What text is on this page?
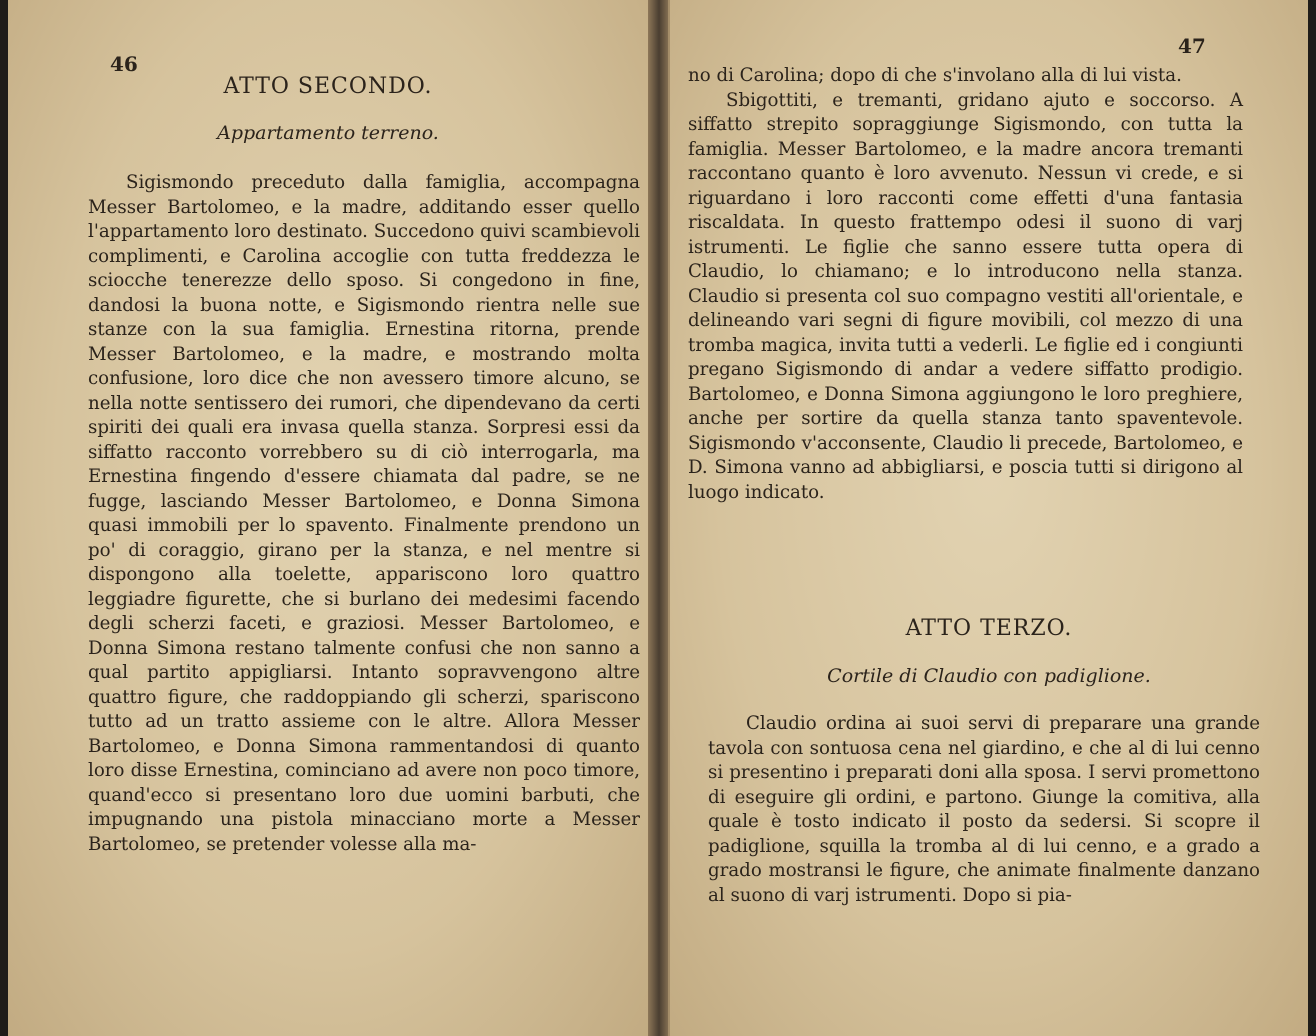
46
ATTO SECONDO.
Appartamento terreno.

Sigismondo preceduto dalla famiglia, accompagna Messer Bartolomeo, e la madre, additando esser quello l'appartamento loro destinato. Succedono quivi scambievoli complimenti, e Carolina accoglie con tutta freddezza le sciocche tenerezze dello sposo. Si congedono in fine, dandosi la buona notte, e Sigismondo rientra nelle sue stanze con la sua famiglia. Ernestina ritorna, prende Messer Bartolomeo, e la madre, e mostrando molta confusione, loro dice che non avessero timore alcuno, se nella notte sentissero dei rumori, che dipendevano da certi spiriti dei quali era invasa quella stanza. Sorpresi essi da siffatto racconto vorrebbero su di ciò interrogarla, ma Ernestina fingendo d'essere chiamata dal padre, se ne fugge, lasciando Messer Bartolomeo, e Donna Simona quasi immobili per lo spavento. Finalmente prendono un po' di coraggio, girano per la stanza, e nel mentre si dispongono alla toelette, appariscono loro quattro leggiadre figurette, che si burlano dei medesimi facendo degli scherzi faceti, e graziosi. Messer Bartolomeo, e Donna Simona restano talmente confusi che non sanno a qual partito appigliarsi. Intanto sopravvengono altre quattro figure, che raddoppiando gli scherzi, spariscono tutto ad un tratto assieme con le altre. Allora Messer Bartolomeo, e Donna Simona rammentandosi di quanto loro disse Ernestina, cominciano ad avere non poco timore, quand'ecco si presentano loro due uomini barbuti, che impugnando una pistola minacciano morte a Messer Bartolomeo, se pretender volesse alla ma-

47

no di Carolina; dopo di che s'involano alla di lui vista.
Sbigottiti, e tremanti, gridano ajuto e soccorso. A siffatto strepito sopraggiunge Sigismondo, con tutta la famiglia. Messer Bartolomeo, e la madre ancora tremanti raccontano quanto è loro avvenuto. Nessun vi crede, e si riguardano i loro racconti come effetti d'una fantasia riscaldata. In questo frattempo odesi il suono di varj istrumenti. Le figlie che sanno essere tutta opera di Claudio, lo chiamano; e lo introducono nella stanza. Claudio si presenta col suo compagno vestiti all'orientale, e delineando vari segni di figure movibili, col mezzo di una tromba magica, invita tutti a vederli. Le figlie ed i congiunti pregano Sigismondo di andar a vedere siffatto prodigio. Bartolomeo, e Donna Simona aggiungono le loro preghiere, anche per sortire da quella stanza tanto spaventevole. Sigismondo v'acconsente, Claudio li precede, Bartolomeo, e D. Simona vanno ad abbigliarsi, e poscia tutti si dirigono al luogo indicato.

ATTO TERZO.
Cortile di Claudio con padiglione.

Claudio ordina ai suoi servi di preparare una grande tavola con sontuosa cena nel giardino, e che al di lui cenno si presentino i preparati doni alla sposa. I servi promettono di eseguire gli ordini, e partono. Giunge la comitiva, alla quale è tosto indicato il posto da sedersi. Si scopre il padiglione, squilla la tromba al di lui cenno, e a grado a grado mostransi le figure, che animate finalmente danzano al suono di varj istrumenti. Dopo si pia-
